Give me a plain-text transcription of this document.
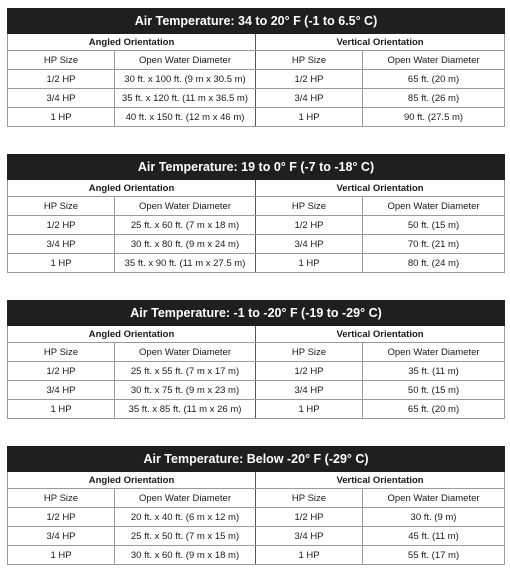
Air Temperature: 34 to 20° F (-1 to 6.5° C)			
Angled Orientation		Vertical Orientation	
HP Size	Open Water Diameter	HP Size	Open Water Diameter
1/2 HP	30 ft. x 100 ft. (9 m x 30.5 m)	1/2 HP	65 ft. (20 m)
3/4 HP	35 ft. x 120 ft. (11 m x 36.5 m)	3/4 HP	85 ft. (26 m)
1 HP	40 ft. x 150 ft. (12 m x 46 m)	1 HP	90 ft. (27.5 m)
Air Temperature: 19 to 0° F (-7 to -18° C)			
Angled Orientation		Vertical Orientation	
HP Size	Open Water Diameter	HP Size	Open Water Diameter
1/2 HP	25 ft. x 60 ft. (7 m x 18 m)	1/2 HP	50 ft. (15 m)
3/4 HP	30 ft. x 80 ft. (9 m x 24 m)	3/4 HP	70 ft. (21 m)
1 HP	35 ft. x 90 ft. (11 m x 27.5 m)	1 HP	80 ft. (24 m)
Air Temperature: -1 to -20° F (-19 to -29° C)			
Angled Orientation		Vertical Orientation	
HP Size	Open Water Diameter	HP Size	Open Water Diameter
1/2 HP	25 ft. x 55 ft. (7 m x 17 m)	1/2 HP	35 ft. (11 m)
3/4 HP	30 ft. x 75 ft. (9 m x 23 m)	3/4 HP	50 ft. (15 m)
1 HP	35 ft. x 85 ft. (11 m x 26 m)	1 HP	65 ft. (20 m)
Air Temperature: Below -20° F (-29° C)			
Angled Orientation		Vertical Orientation	
HP Size	Open Water Diameter	HP Size	Open Water Diameter
1/2 HP	20 ft. x 40 ft. (6 m x 12 m)	1/2 HP	30 ft. (9 m)
3/4 HP	25 ft. x 50 ft. (7 m x 15 m)	3/4 HP	45 ft. (11 m)
1 HP	30 ft. x 60 ft. (9 m x 18 m)	1 HP	55 ft. (17 m)
